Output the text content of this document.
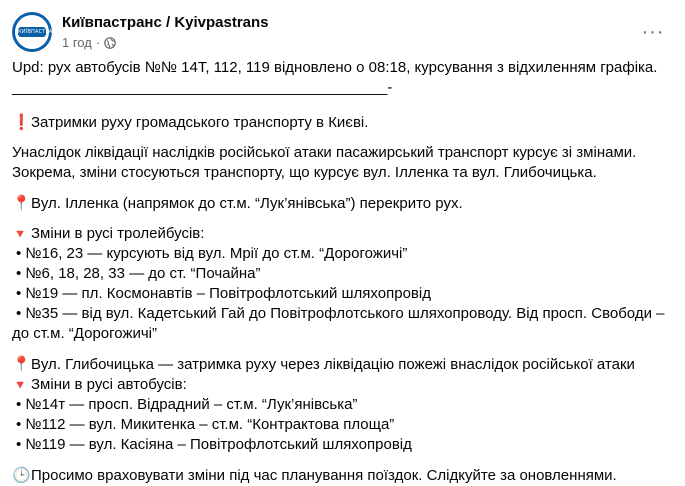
КИЇВПАСТРАНС
Київпастранс / Kyivpastrans
1 год ·	···

Upd: рух автобусів №№ 14Т, 112, 119 відновлено о 08:18, курсування з відхиленням графіка.

_____________________________________________-

❗Затримки руху громадського транспорту в Києві.

Унаслідок ліквідації наслідків російської атаки пасажирський транспорт курсує зі змінами.

Зокрема, зміни стосуються транспорту, що курсує вул. Ілленка та вул. Глибочицька.

📍Вул. Ілленка (напрямок до ст.м. “Лук’янівська”) перекрито рух.

🔻 Зміни в русі тролейбусів:

• №16, 23 — курсують від вул. Мрії до ст.м. “Дорогожичі”

• №6, 18, 28, 33 — до ст. “Почайна”

• №19 — пл. Космонавтів – Повітрофлотський шляхопровід

• №35 — від вул. Кадетський Гай до Повітрофлотського шляхопроводу. Від просп. Свободи –

до ст.м. “Дорогожичі”

📍Вул. Глибочицька — затримка руху через ліквідацію пожежі внаслідок російської атаки

🔻 Зміни в русі автобусів:

• №14т — просп. Відрадний – ст.м. “Лук’янівська”

• №112 — вул. Микитенка – ст.м. “Контрактова площа”

• №119 — вул. Касіяна – Повітрофлотський шляхопровід

🕒Просимо враховувати зміни під час планування поїздок. Слідкуйте за оновленнями.
